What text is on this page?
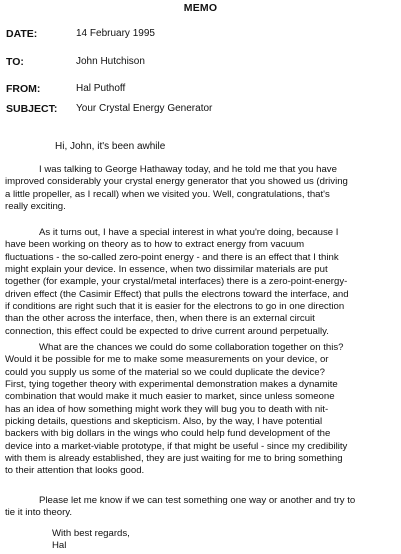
MEMO
DATE:	14 February 1995
TO:	John Hutchison
FROM:	Hal Puthoff
SUBJECT: Your Crystal Energy Generator
Hi, John, it's been awhile

I was talking to George Hathaway today, and he told me that you have
improved considerably your crystal energy generator that you showed us (driving
a little propeller, as I recall) when we visited you. Well, congratulations, that's
really exciting.

As it turns out, I have a special interest in what you're doing, because I
have been working on theory as to how to extract energy from vacuum
fluctuations - the so-called zero-point energy - and there is an effect that I think
might explain your device. In essence, when two dissimilar materials are put
together (for example, your crystal/metal interfaces) there is a zero-point-energy-
driven effect (the Casimir Effect) that pulls the electrons toward the interface, and
if conditions are right such that it is easier for the electrons to go in one direction
than the other across the interface, then, when there is an external circuit
connection, this effect could be expected to drive current around perpetually.

What are the chances we could do some collaboration together on this?
Would it be possible for me to make some measurements on your device, or
could you supply us some of the material so we could duplicate the device?
First, tying together theory with experimental demonstration makes a dynamite
combination that would make it much easier to market, since unless someone
has an idea of how something might work they will bug you to death with nit-
picking details, questions and skepticism. Also, by the way, I have potential
backers with big dollars in the wings who could help fund development of the
device into a market-viable prototype, if that might be useful - since my credibility
with them is already established, they are just waiting for me to bring something
to their attention that looks good.

Please let me know if we can test something one way or another and try to
tie it into theory.

With best regards,
Hal
